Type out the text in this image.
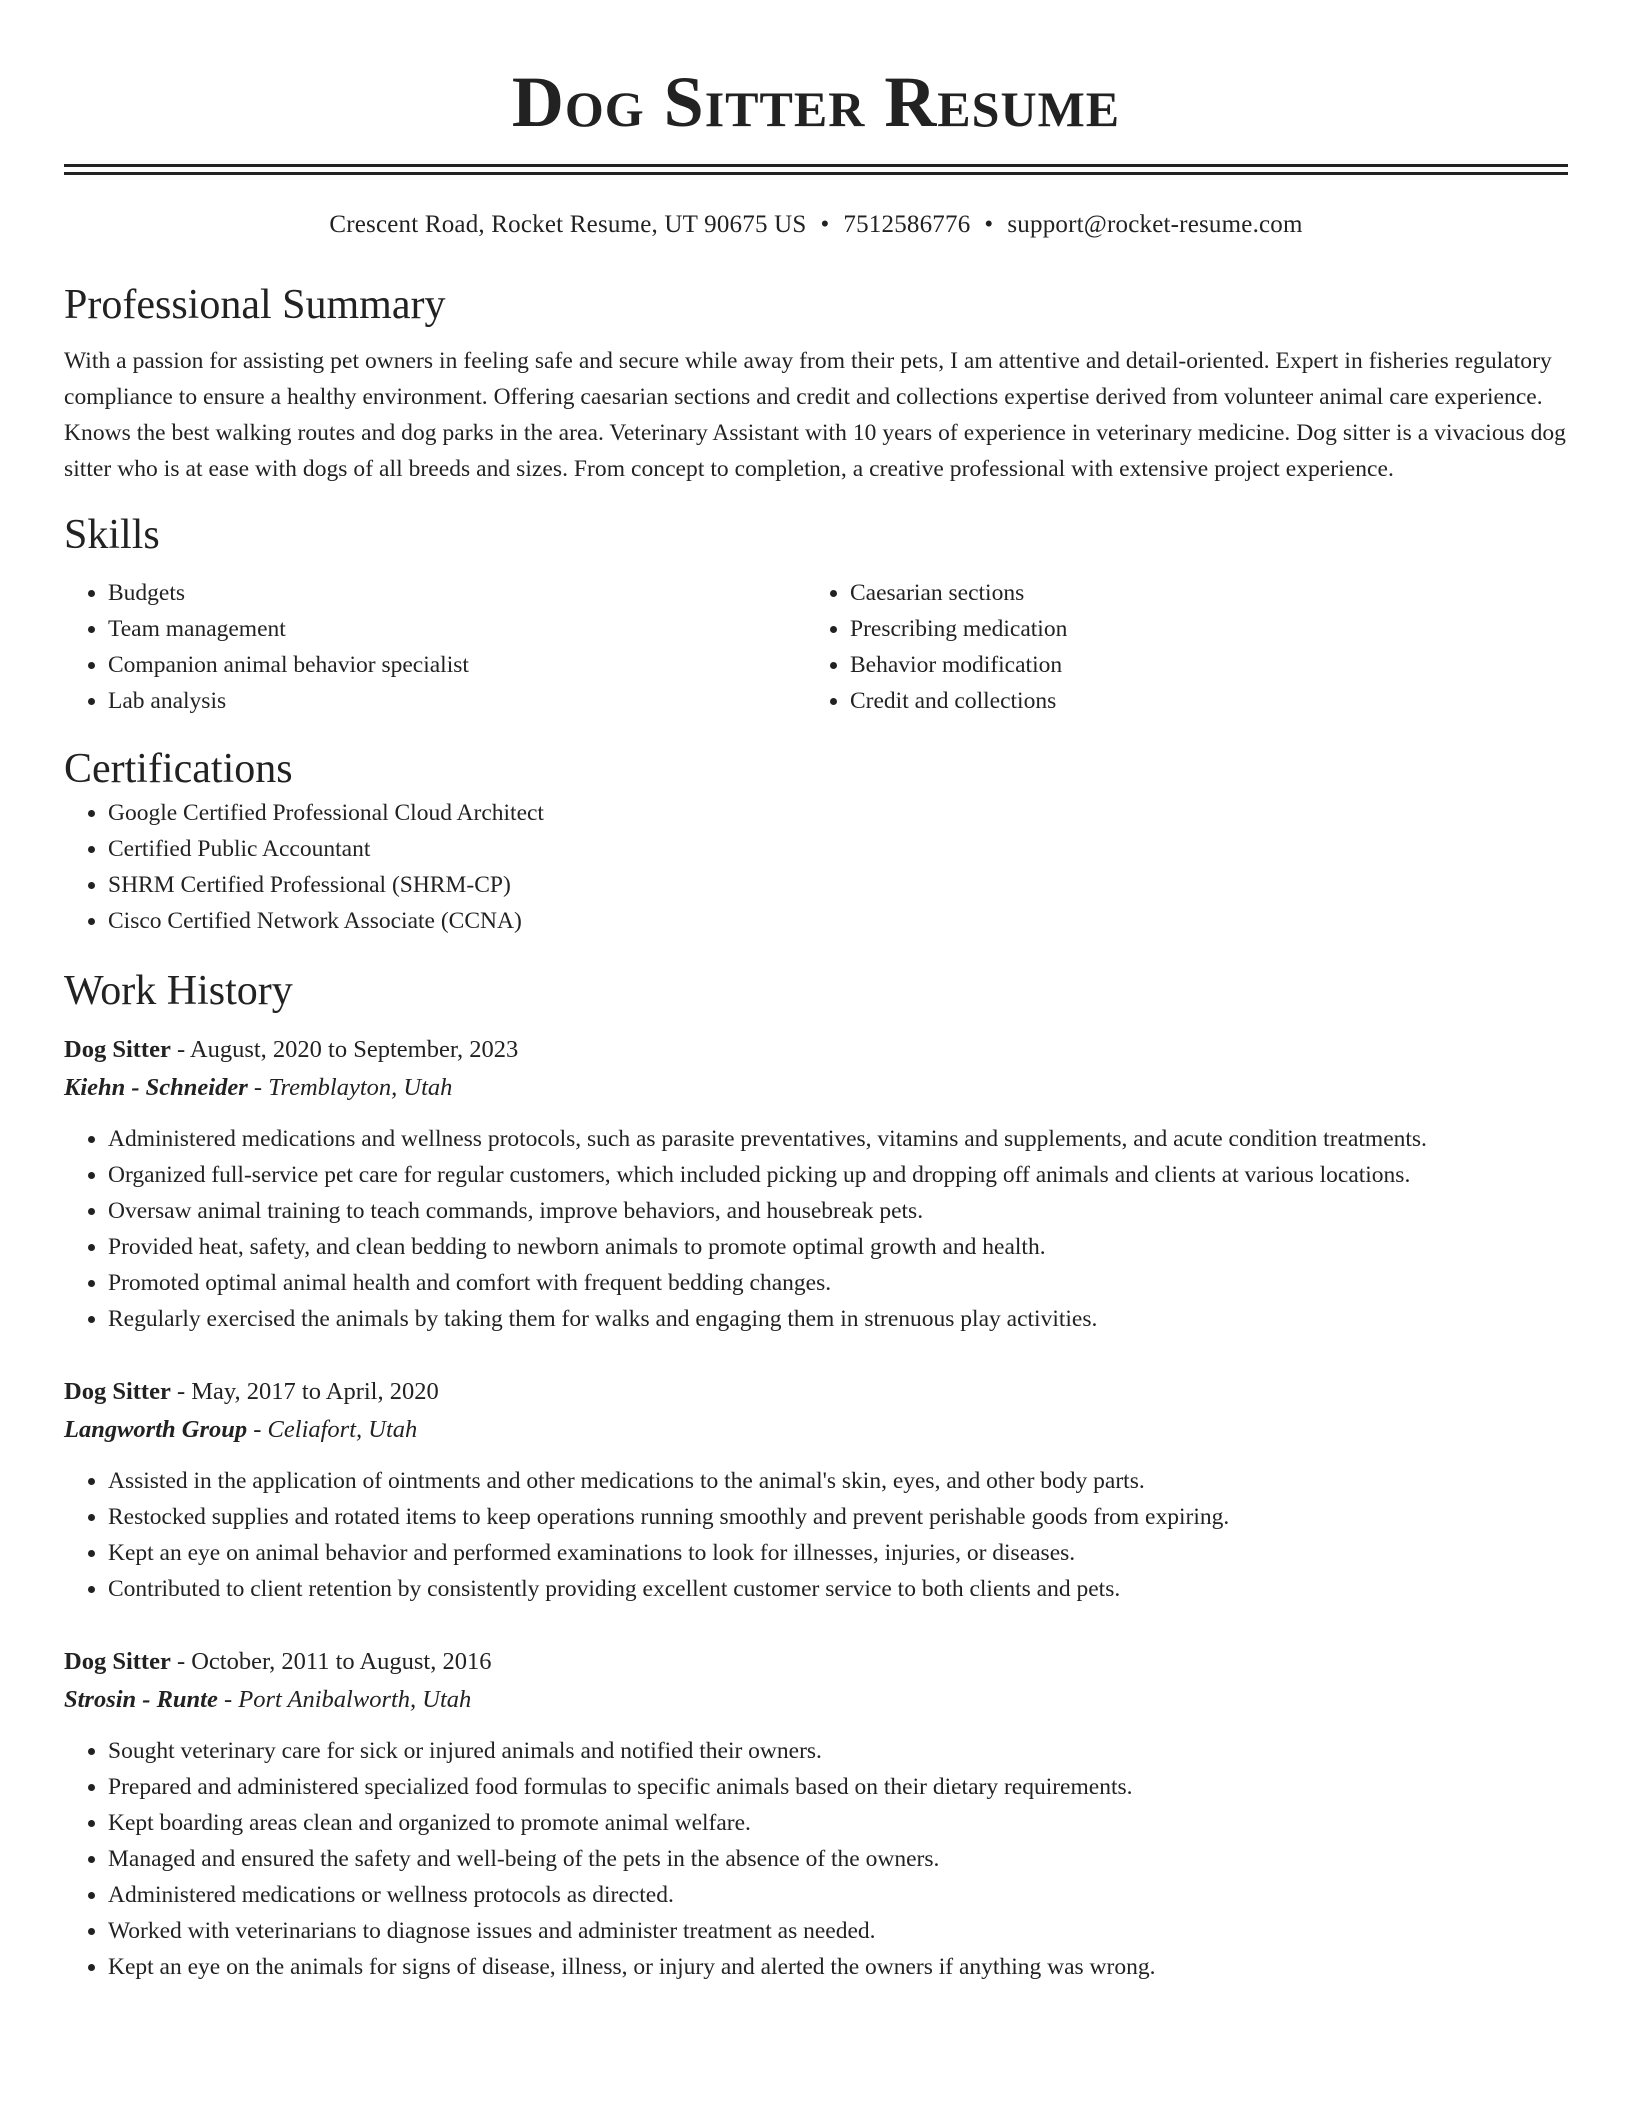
Dog Sitter Resume
Crescent Road, Rocket Resume, UT 90675 US • 7512586776 • support@rocket-resume.com
Professional Summary

With a passion for assisting pet owners in feeling safe and secure while away from their pets, I am attentive and detail-oriented. Expert in fisheries regulatory compliance to ensure a healthy environment. Offering caesarian sections and credit and collections expertise derived from volunteer animal care experience. Knows the best walking routes and dog parks in the area. Veterinary Assistant with 10 years of experience in veterinary medicine. Dog sitter is a vivacious dog sitter who is at ease with dogs of all breeds and sizes. From concept to completion, a creative professional with extensive project experience.

Skills
• Budgets
• Team management
• Companion animal behavior specialist
• Lab analysis
• Caesarian sections
• Prescribing medication
• Behavior modification
• Credit and collections
Certifications
• Google Certified Professional Cloud Architect
• Certified Public Accountant
• SHRM Certified Professional (SHRM-CP)
• Cisco Certified Network Associate (CCNA)
Work History
Dog Sitter - August, 2020 to September, 2023
Kiehn - Schneider - Tremblayton, Utah
• Administered medications and wellness protocols, such as parasite preventatives, vitamins and supplements, and acute condition treatments.
• Organized full-service pet care for regular customers, which included picking up and dropping off animals and clients at various locations.
• Oversaw animal training to teach commands, improve behaviors, and housebreak pets.
• Provided heat, safety, and clean bedding to newborn animals to promote optimal growth and health.
• Promoted optimal animal health and comfort with frequent bedding changes.
• Regularly exercised the animals by taking them for walks and engaging them in strenuous play activities.
Dog Sitter - May, 2017 to April, 2020
Langworth Group - Celiafort, Utah
• Assisted in the application of ointments and other medications to the animal's skin, eyes, and other body parts.
• Restocked supplies and rotated items to keep operations running smoothly and prevent perishable goods from expiring.
• Kept an eye on animal behavior and performed examinations to look for illnesses, injuries, or diseases.
• Contributed to client retention by consistently providing excellent customer service to both clients and pets.
Dog Sitter - October, 2011 to August, 2016
Strosin - Runte - Port Anibalworth, Utah
• Sought veterinary care for sick or injured animals and notified their owners.
• Prepared and administered specialized food formulas to specific animals based on their dietary requirements.
• Kept boarding areas clean and organized to promote animal welfare.
• Managed and ensured the safety and well-being of the pets in the absence of the owners.
• Administered medications or wellness protocols as directed.
• Worked with veterinarians to diagnose issues and administer treatment as needed.
• Kept an eye on the animals for signs of disease, illness, or injury and alerted the owners if anything was wrong.
